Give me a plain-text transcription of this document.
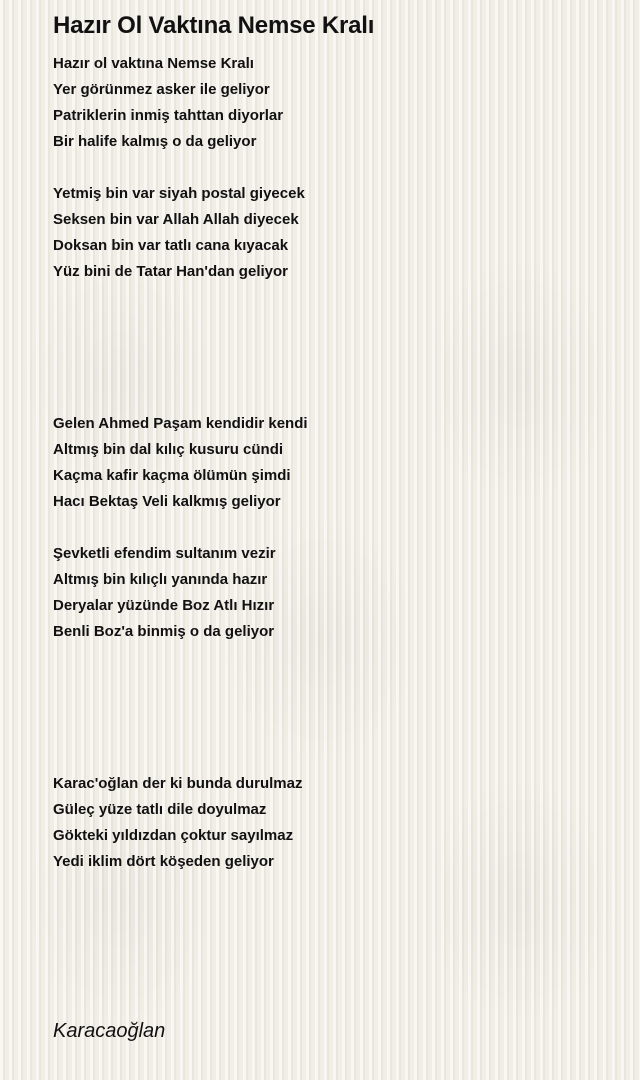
Hazır Ol Vaktına Nemse Kralı
Hazır ol vaktına Nemse Kralı
Yer görünmez asker ile geliyor
Patriklerin inmiş tahttan diyorlar
Bir halife kalmış o da geliyor
Yetmiş bin var siyah postal giyecek
Seksen bin var Allah Allah diyecek
Doksan bin var tatlı cana kıyacak
Yüz bini de Tatar Han'dan geliyor
Gelen Ahmed Paşam kendidir kendi
Altmış bin dal kılıç kusuru cündi
Kaçma kafir kaçma ölümün şimdi
Hacı Bektaş Veli kalkmış geliyor
Şevketli efendim sultanım vezir
Altmış bin kılıçlı yanında hazır
Deryalar yüzünde Boz Atlı Hızır
Benli Boz'a binmiş o da geliyor
Karac'oğlan der ki bunda durulmaz
Güleç yüze tatlı dile doyulmaz
Gökteki yıldızdan çoktur sayılmaz
Yedi iklim dört köşeden geliyor
Karacaoğlan
